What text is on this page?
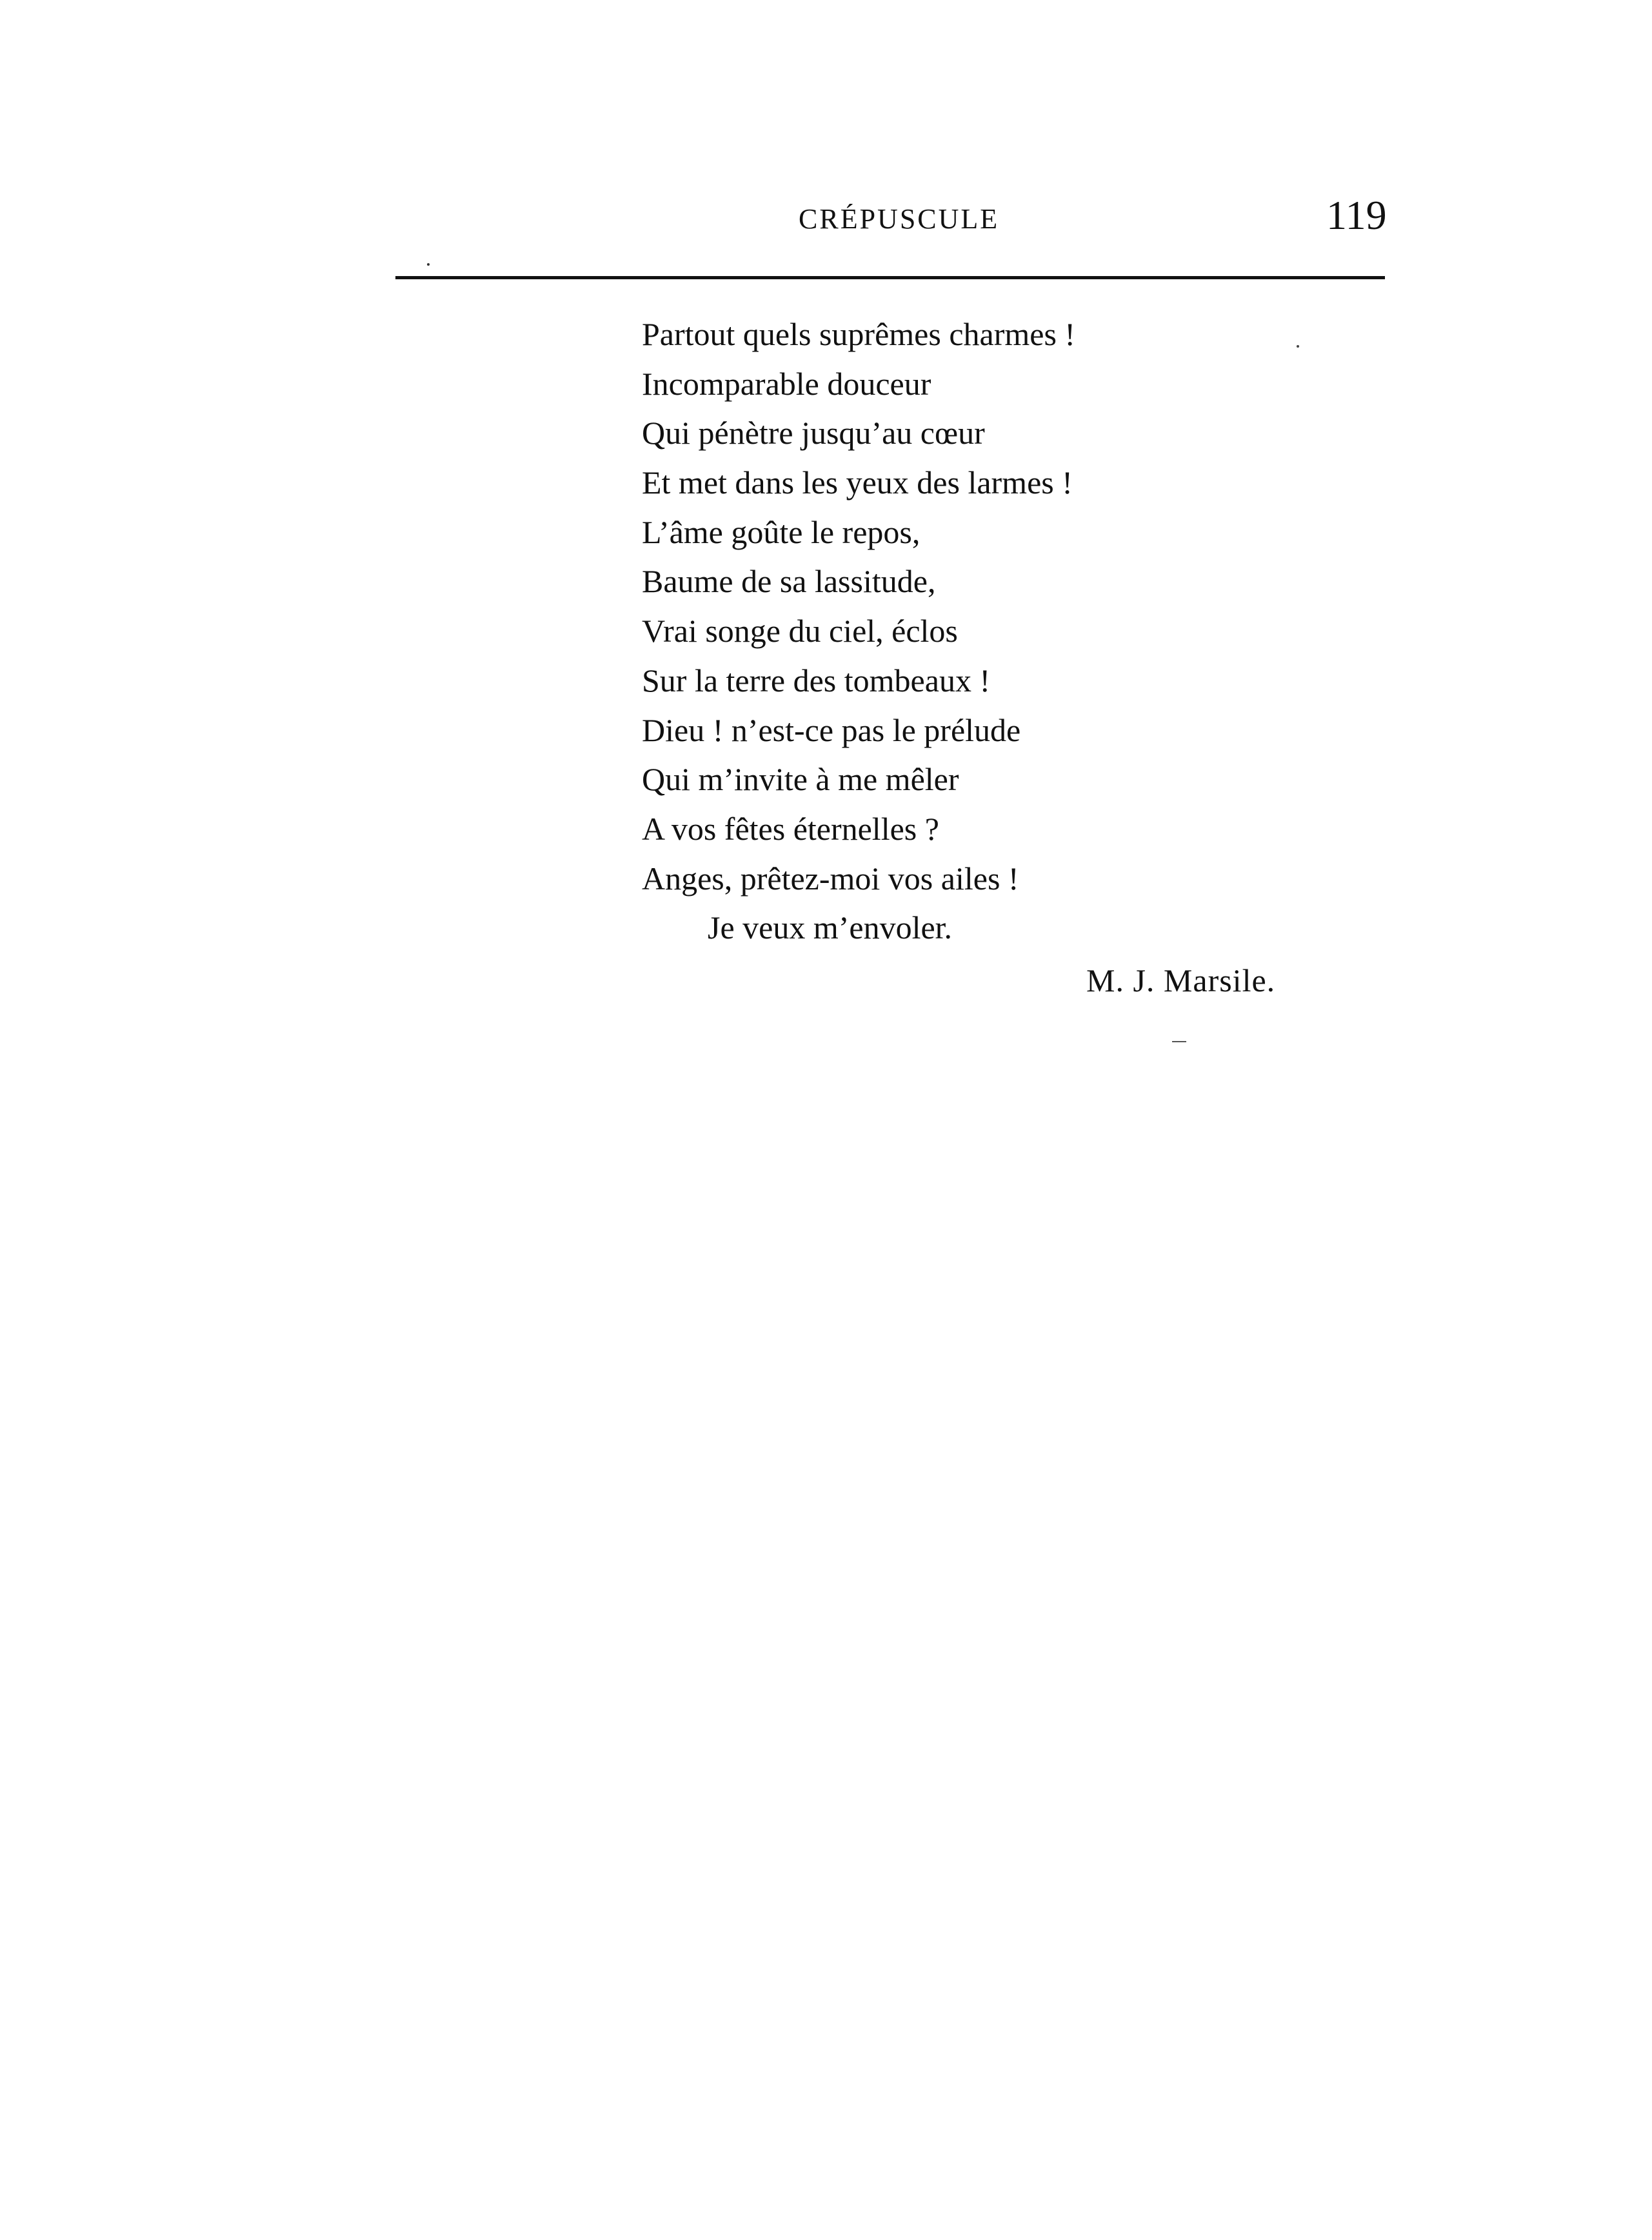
CRÉPUSCULE	119
Partout quels suprêmes charmes !
Incomparable douceur
Qui pénètre jusqu’au cœur
Et met dans les yeux des larmes !
L’âme goûte le repos,
Baume de sa lassitude,
Vrai songe du ciel, éclos
Sur la terre des tombeaux !
Dieu ! n’est-ce pas le prélude
Qui m’invite à me mêler
A vos fêtes éternelles ?
Anges, prêtez-moi vos ailes !
Je veux m’envoler.
M. J. Marsile.
